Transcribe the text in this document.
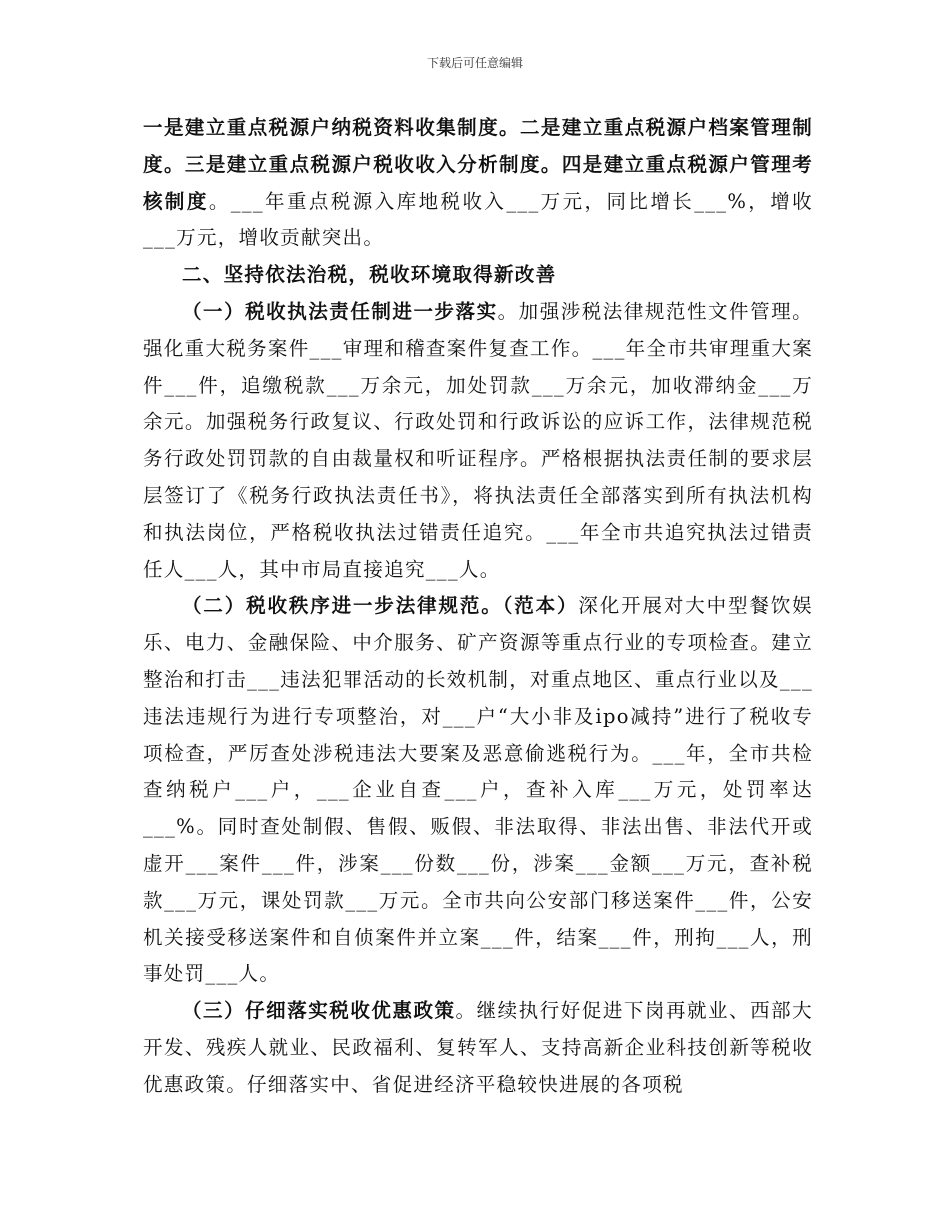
下载后可任意编辑

一是建立重点税源户纳税资料收集制度。二是建立重点税源户档案管理制度。三是建立重点税源户税收收入分析制度。四是建立重点税源户管理考核制度。___年重点税源入库地税收入___万元，同比增长___%，增收___万元，增收贡献突出。

二、坚持依法治税，税收环境取得新改善

（一）税收执法责任制进一步落实。加强涉税法律规范性文件管理。强化重大税务案件___审理和稽查案件复查工作。___年全市共审理重大案件___件，追缴税款___万余元，加处罚款___万余元，加收滞纳金___万余元。加强税务行政复议、行政处罚和行政诉讼的应诉工作，法律规范税务行政处罚罚款的自由裁量权和听证程序。严格根据执法责任制的要求层层签订了《税务行政执法责任书》，将执法责任全部落实到所有执法机构和执法岗位，严格税收执法过错责任追究。___年全市共追究执法过错责任人___人，其中市局直接追究___人。

（二）税收秩序进一步法律规范。（范本）深化开展对大中型餐饮娱乐、电力、金融保险、中介服务、矿产资源等重点行业的专项检查。建立整治和打击___违法犯罪活动的长效机制，对重点地区、重点行业以及___违法违规行为进行专项整治，对___户“大小非及ipo减持”进行了税收专项检查，严厉查处涉税违法大要案及恶意偷逃税行为。___年，全市共检查纳税户___户，___企业自查___户，查补入库___万元，处罚率达___%。同时查处制假、售假、贩假、非法取得、非法出售、非法代开或虚开___案件___件，涉案___份数___份，涉案___金额___万元，查补税款___万元，课处罚款___万元。全市共向公安部门移送案件___件，公安机关接受移送案件和自侦案件并立案___件，结案___件，刑拘___人，刑事处罚___人。

（三）仔细落实税收优惠政策。继续执行好促进下岗再就业、西部大开发、残疾人就业、民政福利、复转军人、支持高新企业科技创新等税收优惠政策。仔细落实中、省促进经济平稳较快进展的各项税
